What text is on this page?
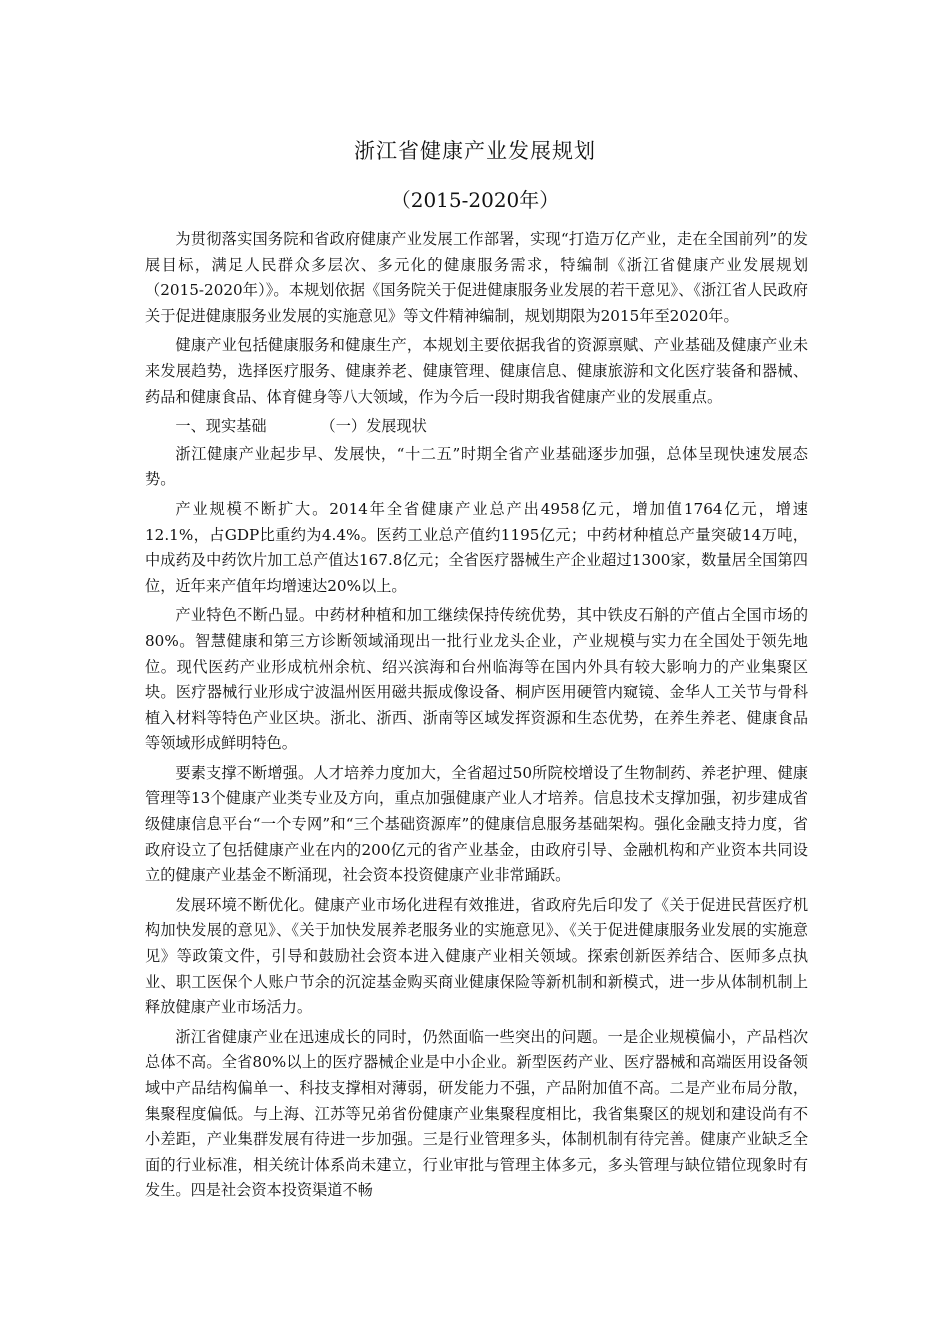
浙江省健康产业发展规划
（2015-2020年）

为贯彻落实国务院和省政府健康产业发展工作部署，实现“打造万亿产业，走在全国前列”的发展目标，满足人民群众多层次、多元化的健康服务需求，特编制《浙江省健康产业发展规划（2015-2020年）》。本规划依据《国务院关于促进健康服务业发展的若干意见》、《浙江省人民政府关于促进健康服务业发展的实施意见》等文件精神编制，规划期限为2015年至2020年。

健康产业包括健康服务和健康生产，本规划主要依据我省的资源禀赋、产业基础及健康产业未来发展趋势，选择医疗服务、健康养老、健康管理、健康信息、健康旅游和文化医疗装备和器械、药品和健康食品、体育健身等八大领域，作为今后一段时期我省健康产业的发展重点。

一、现实基础	（一）发展现状

浙江健康产业起步早、发展快，“十二五”时期全省产业基础逐步加强，总体呈现快速发展态势。

产业规模不断扩大。2014年全省健康产业总产出4958亿元，增加值1764亿元，增速12.1%，占GDP比重约为4.4%。医药工业总产值约1195亿元；中药材种植总产量突破14万吨，中成药及中药饮片加工总产值达167.8亿元；全省医疗器械生产企业超过1300家，数量居全国第四位，近年来产值年均增速达20%以上。

产业特色不断凸显。中药材种植和加工继续保持传统优势，其中铁皮石斛的产值占全国市场的80%。智慧健康和第三方诊断领域涌现出一批行业龙头企业，产业规模与实力在全国处于领先地位。现代医药产业形成杭州余杭、绍兴滨海和台州临海等在国内外具有较大影响力的产业集聚区块。医疗器械行业形成宁波温州医用磁共振成像设备、桐庐医用硬管内窥镜、金华人工关节与骨科植入材料等特色产业区块。浙北、浙西、浙南等区域发挥资源和生态优势，在养生养老、健康食品等领域形成鲜明特色。

要素支撑不断增强。人才培养力度加大，全省超过50所院校增设了生物制药、养老护理、健康管理等13个健康产业类专业及方向，重点加强健康产业人才培养。信息技术支撑加强，初步建成省级健康信息平台“一个专网”和“三个基础资源库”的健康信息服务基础架构。强化金融支持力度，省政府设立了包括健康产业在内的200亿元的省产业基金，由政府引导、金融机构和产业资本共同设立的健康产业基金不断涌现，社会资本投资健康产业非常踊跃。

发展环境不断优化。健康产业市场化进程有效推进，省政府先后印发了《关于促进民营医疗机构加快发展的意见》、《关于加快发展养老服务业的实施意见》、《关于促进健康服务业发展的实施意见》等政策文件，引导和鼓励社会资本进入健康产业相关领域。探索创新医养结合、医师多点执业、职工医保个人账户节余的沉淀基金购买商业健康保险等新机制和新模式，进一步从体制机制上释放健康产业市场活力。

浙江省健康产业在迅速成长的同时，仍然面临一些突出的问题。一是企业规模偏小，产品档次总体不高。全省80%以上的医疗器械企业是中小企业。新型医药产业、医疗器械和高端医用设备领域中产品结构偏单一、科技支撑相对薄弱，研发能力不强，产品附加值不高。二是产业布局分散，集聚程度偏低。与上海、江苏等兄弟省份健康产业集聚程度相比，我省集聚区的规划和建设尚有不小差距，产业集群发展有待进一步加强。三是行业管理多头，体制机制有待完善。健康产业缺乏全面的行业标准，相关统计体系尚未建立，行业审批与管理主体多元，多头管理与缺位错位现象时有发生。四是社会资本投资渠道不畅
